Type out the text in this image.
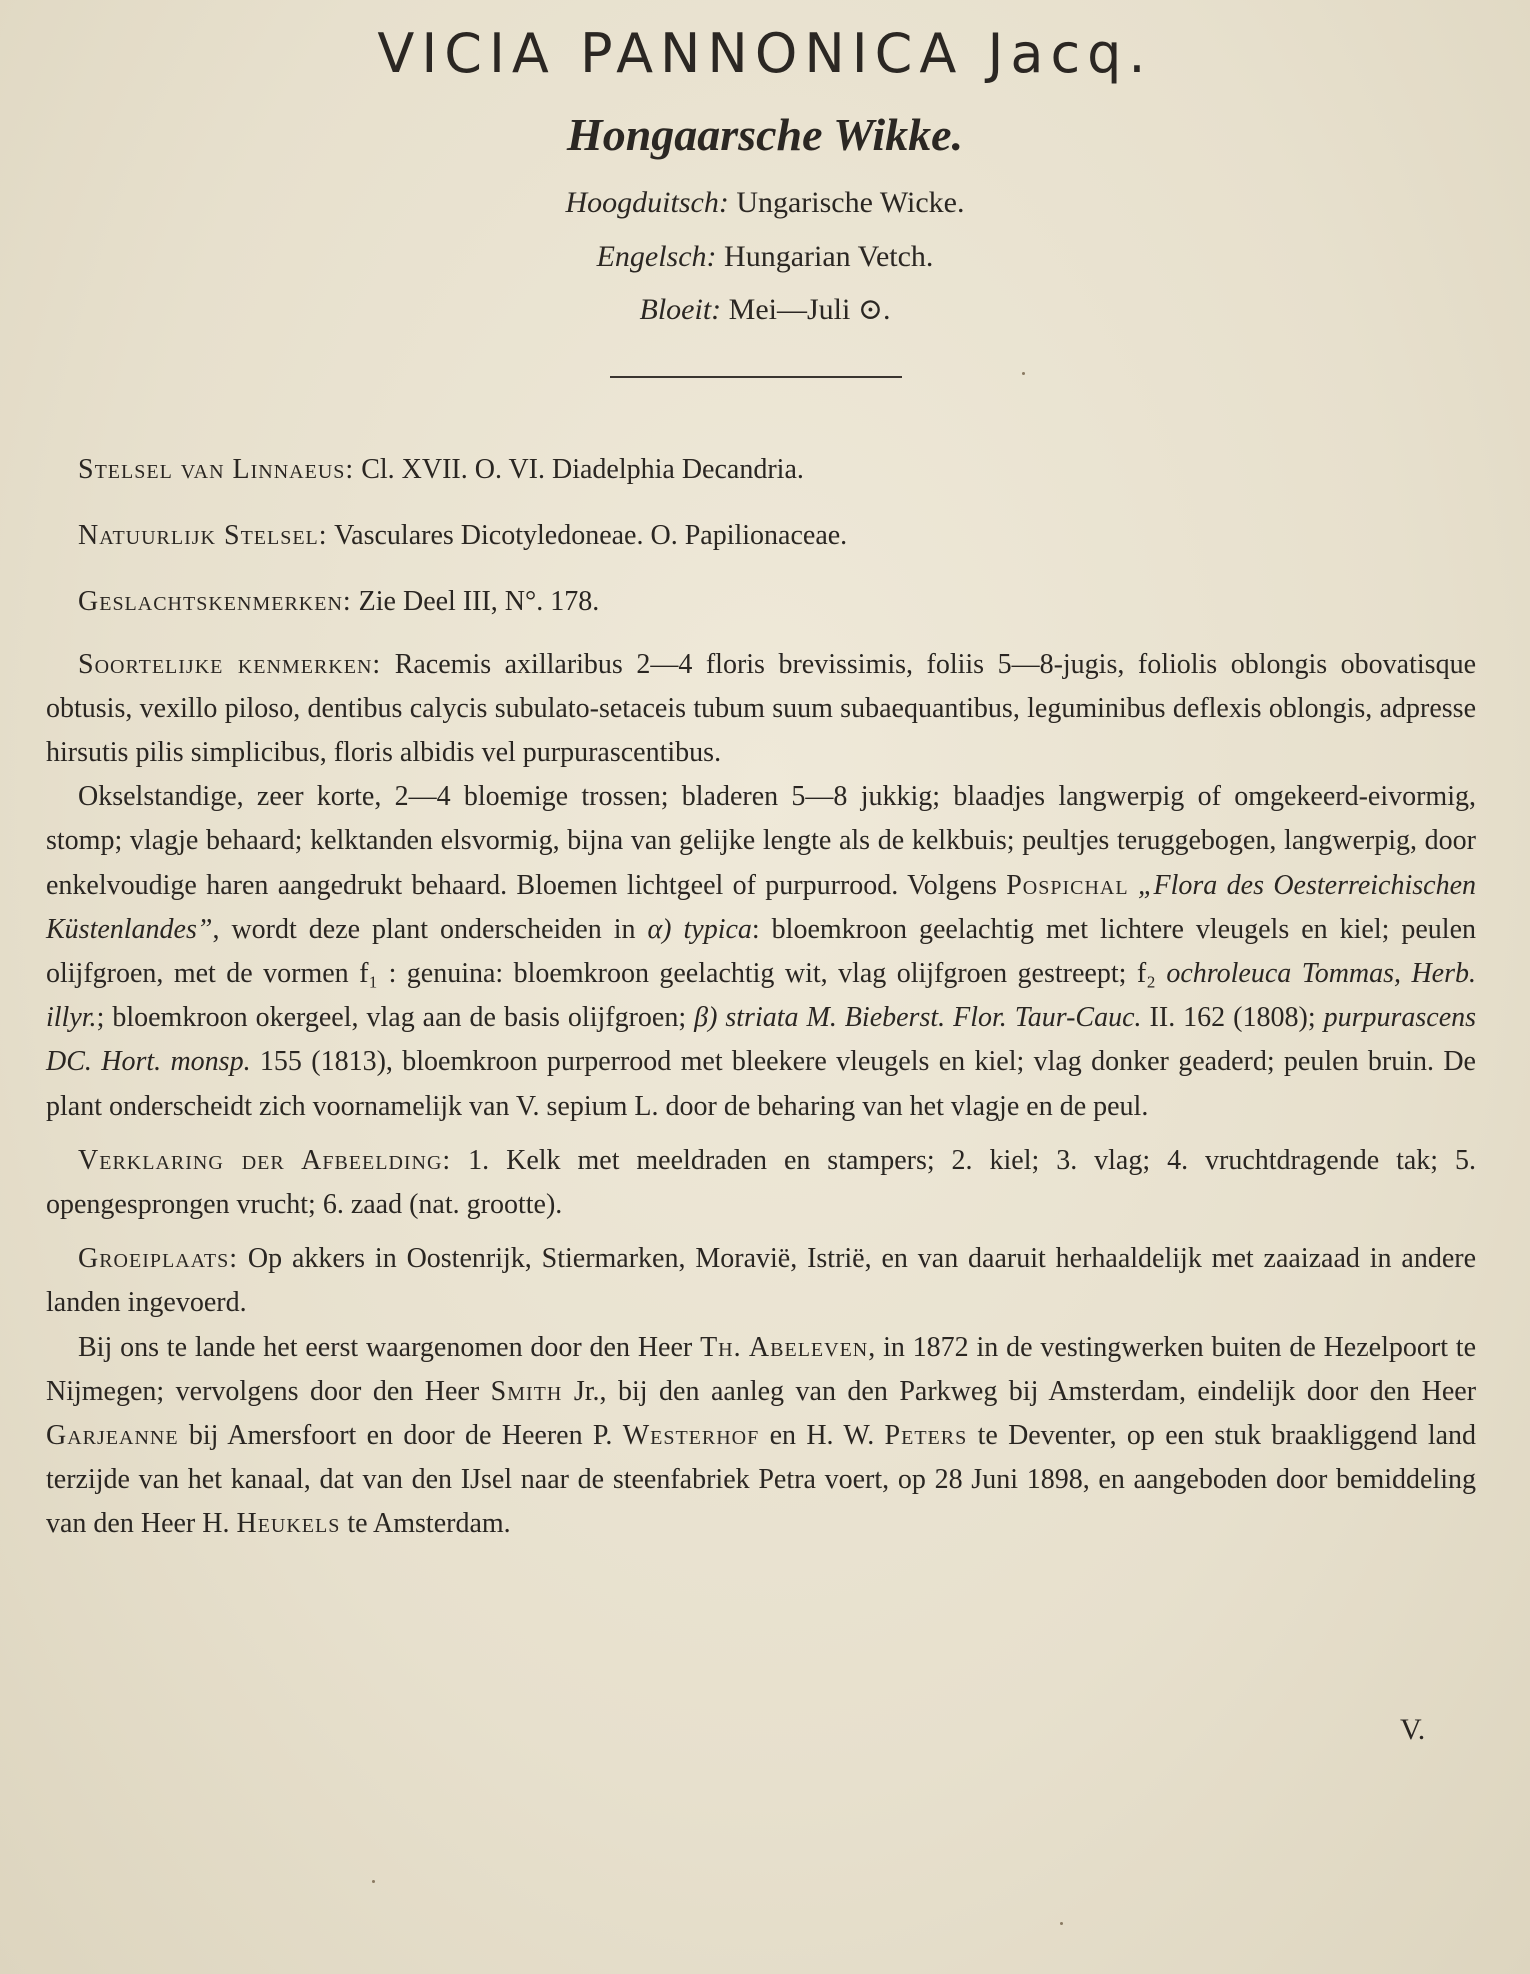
VICIA PANNONICA Jacq.
Hongaarsche Wikke.
Hoogduitsch: Ungarische Wicke.
Engelsch: Hungarian Vetch.
Bloeit: Mei—Juli ⊙.

Stelsel van Linnaeus: Cl. XVII. O. VI. Diadelphia Decandria.

Natuurlijk Stelsel: Vasculares Dicotyledoneae. O. Papilionaceae.

Geslachtskenmerken: Zie Deel III, N°. 178.

Soortelijke kenmerken: Racemis axillaribus 2—4 floris brevissimis, foliis 5—8-jugis, foliolis oblongis obovatisque obtusis, vexillo piloso, dentibus calycis subulato-setaceis tubum suum subaequantibus, leguminibus deflexis oblongis, adpresse hirsutis pilis simplicibus, floris albidis vel purpurascentibus.

Okselstandige, zeer korte, 2—4 bloemige trossen; bladeren 5—8 jukkig; blaadjes langwerpig of omgekeerd-eivormig, stomp; vlagje behaard; kelktanden elsvormig, bijna van gelijke lengte als de kelkbuis; peultjes teruggebogen, langwerpig, door enkelvoudige haren aangedrukt behaard. Bloemen lichtgeel of purpurrood. Volgens Pospichal „Flora des Oesterreichischen Küstenlandes”, wordt deze plant onderscheiden in α) typica: bloemkroon geelachtig met lichtere vleugels en kiel; peulen olijfgroen, met de vormen f₁ : genuina: bloemkroon geelachtig wit, vlag olijfgroen gestreept; f₂ ochroleuca Tommas, Herb. illyr.; bloemkroon okergeel, vlag aan de basis olijfgroen; β) striata M. Bieberst. Flor. Taur-Cauc. II. 162 (1808); purpurascens DC. Hort. monsp. 155 (1813), bloemkroon purperrood met bleekere vleugels en kiel; vlag donker geaderd; peulen bruin. De plant onderscheidt zich voornamelijk van V. sepium L. door de beharing van het vlagje en de peul.

Verklaring der Afbeelding: 1. Kelk met meeldraden en stampers; 2. kiel; 3. vlag; 4. vruchtdragende tak; 5. opengesprongen vrucht; 6. zaad (nat. grootte).

Groeiplaats: Op akkers in Oostenrijk, Stiermarken, Moravië, Istrië, en van daaruit herhaaldelijk met zaaizaad in andere landen ingevoerd.

Bij ons te lande het eerst waargenomen door den Heer Th. Abeleven, in 1872 in de vestingwerken buiten de Hezelpoort te Nijmegen; vervolgens door den Heer Smith Jr., bij den aanleg van den Parkweg bij Amsterdam, eindelijk door den Heer Garjeanne bij Amersfoort en door de Heeren P. Westerhof en H. W. Peters te Deventer, op een stuk braakliggend land terzijde van het kanaal, dat van den IJsel naar de steenfabriek Petra voert, op 28 Juni 1898, en aangeboden door bemiddeling van den Heer H. Heukels te Amsterdam.

V.
